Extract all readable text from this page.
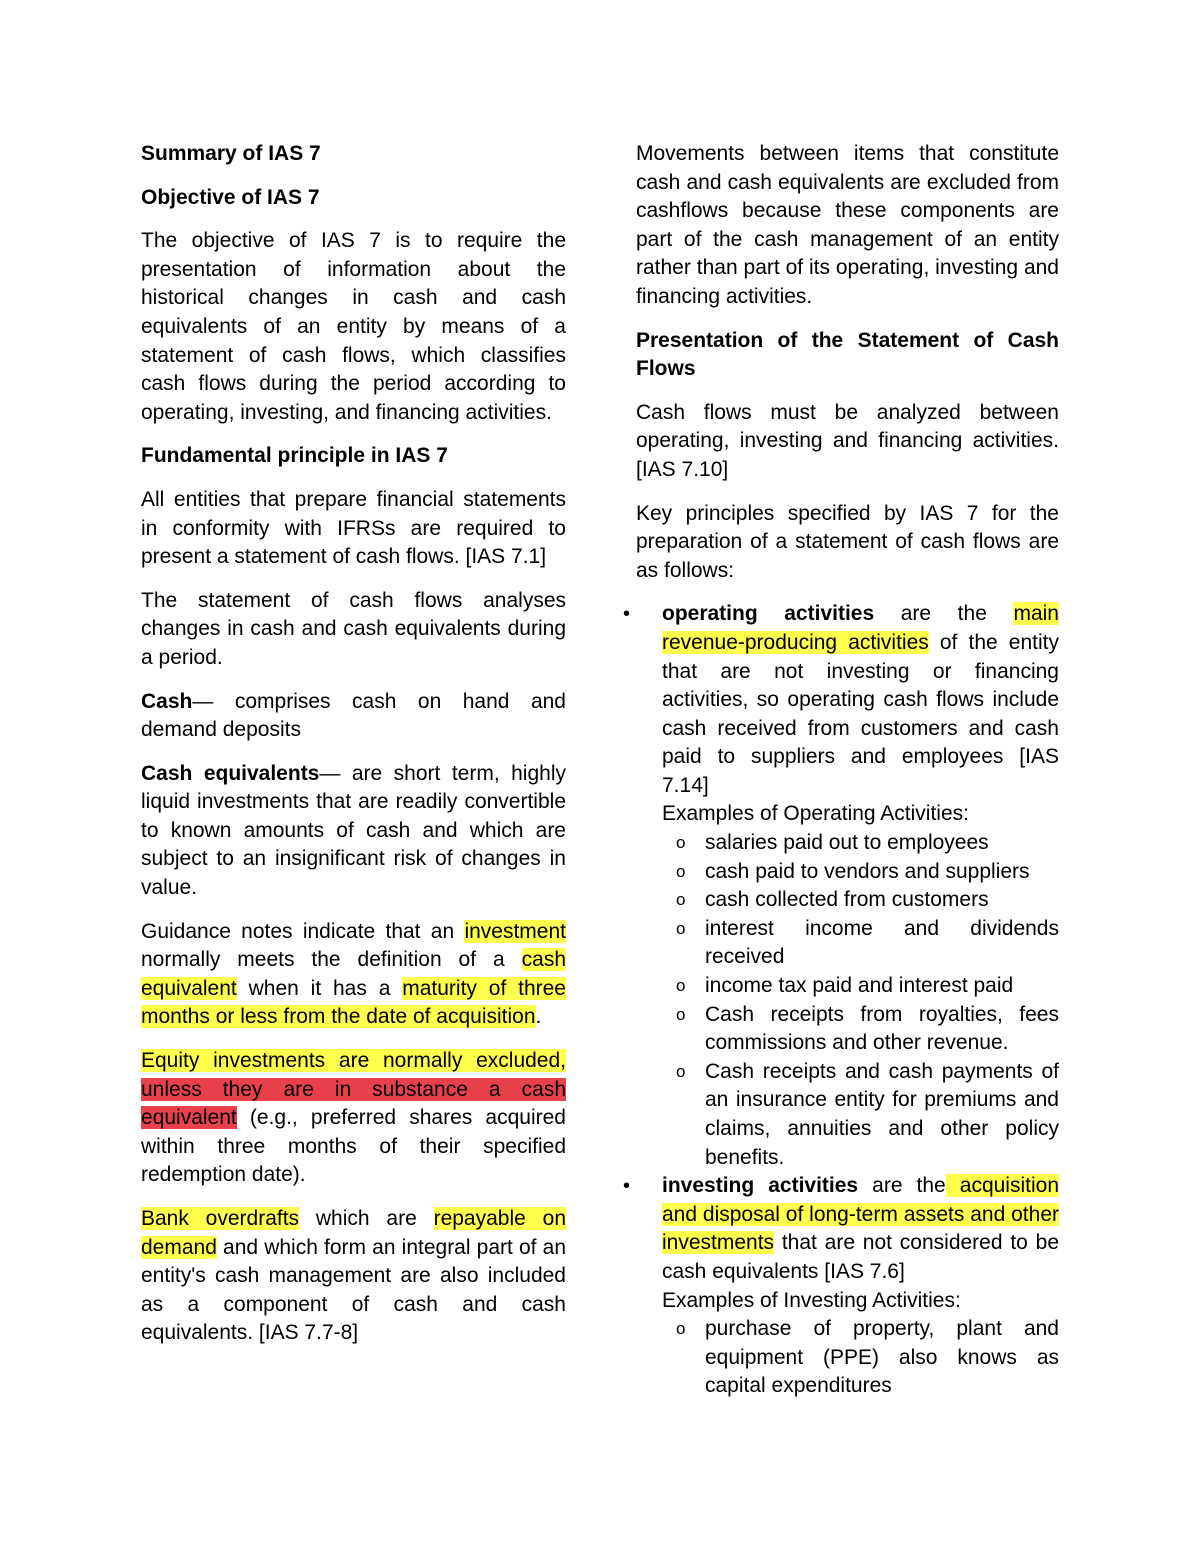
Summary of IAS 7

Objective of IAS 7

The objective of IAS 7 is to require the presentation of information about the historical changes in cash and cash equivalents of an entity by means of a statement of cash flows, which classifies cash flows during the period according to operating, investing, and financing activities.

Fundamental principle in IAS 7

All entities that prepare financial statements in conformity with IFRSs are required to present a statement of cash flows. [IAS 7.1]

The statement of cash flows analyses changes in cash and cash equivalents during a period.

Cash— comprises cash on hand and demand deposits

Cash equivalents— are short term, highly liquid investments that are readily convertible to known amounts of cash and which are subject to an insignificant risk of changes in value.

Guidance notes indicate that an investment normally meets the definition of a cash equivalent when it has a maturity of three months or less from the date of acquisition.

Equity investments are normally excluded, unless they are in substance a cash equivalent (e.g., preferred shares acquired within three months of their specified redemption date).

Bank overdrafts which are repayable on demand and which form an integral part of an entity's cash management are also included as a component of cash and cash equivalents. [IAS 7.7-8]

Movements between items that constitute cash and cash equivalents are excluded from cashflows because these components are part of the cash management of an entity rather than part of its operating, investing and financing activities.

Presentation of the Statement of Cash Flows

Cash flows must be analyzed between operating, investing and financing activities. [IAS 7.10]

Key principles specified by IAS 7 for the preparation of a statement of cash flows are as follows:

• operating activities are the main revenue-producing activities of the entity that are not investing or financing activities, so operating cash flows include cash received from customers and cash paid to suppliers and employees [IAS 7.14]
Examples of Operating Activities:
o salaries paid out to employees
o cash paid to vendors and suppliers
o cash collected from customers
o interest income and dividends received
o income tax paid and interest paid
o Cash receipts from royalties, fees commissions and other revenue.
o Cash receipts and cash payments of an insurance entity for premiums and claims, annuities and other policy benefits.
• investing activities are the acquisition and disposal of long-term assets and other investments that are not considered to be cash equivalents [IAS 7.6]
Examples of Investing Activities:
o purchase of property, plant and equipment (PPE) also knows as capital expenditures
